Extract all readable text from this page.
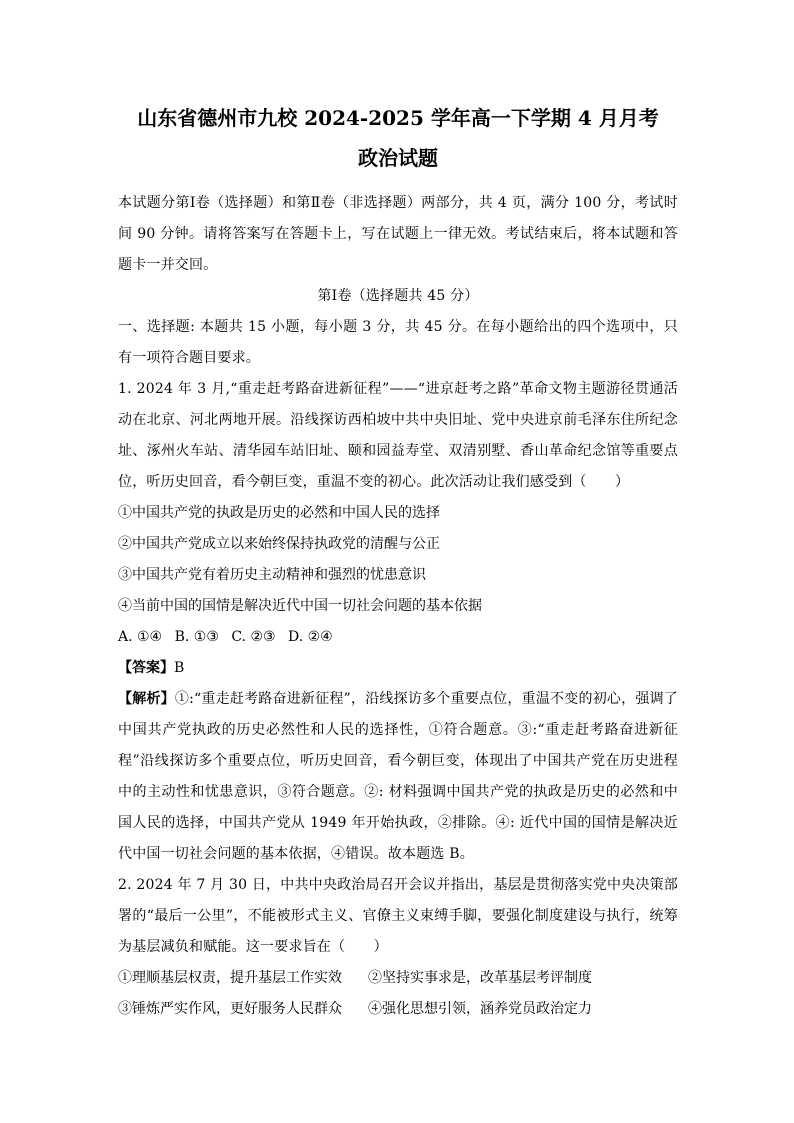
山东省德州市九校 2024-2025 学年高一下学期 4 月月考
政治试题

本试题分第Ⅰ卷（选择题）和第Ⅱ卷（非选择题）两部分，共 4 页，满分 100 分，考试时间 90 分钟。请将答案写在答题卡上，写在试题上一律无效。考试结束后，将本试题和答题卡一并交回。

第Ⅰ卷（选择题共 45 分）

一、选择题: 本题共 15 小题，每小题 3 分，共 45 分。在每小题给出的四个选项中，只有一项符合题目要求。

1. 2024 年 3 月,“重走赶考路奋进新征程”——“进京赶考之路”革命文物主题游径贯通活动在北京、河北两地开展。沿线探访西柏坡中共中央旧址、党中央进京前毛泽东住所纪念址、涿州火车站、清华园车站旧址、颐和园益寿堂、双清别墅、香山革命纪念馆等重要点位，听历史回音，看今朝巨变，重温不变的初心。此次活动让我们感受到（　　）

①中国共产党的执政是历史的必然和中国人民的选择

②中国共产党成立以来始终保持执政党的清醒与公正

③中国共产党有着历史主动精神和强烈的忧患意识

④当前中国的国情是解决近代中国一切社会问题的基本依据

A. ①④ B. ①③ C. ②③ D. ②④

【答案】B

【解析】①:“重走赶考路奋进新征程”，沿线探访多个重要点位，重温不变的初心，强调了中国共产党执政的历史必然性和人民的选择性，①符合题意。③:“重走赶考路奋进新征程”沿线探访多个重要点位，听历史回音，看今朝巨变，体现出了中国共产党在历史进程中的主动性和忧患意识，③符合题意。②: 材料强调中国共产党的执政是历史的必然和中国人民的选择，中国共产党从 1949 年开始执政，②排除。④: 近代中国的国情是解决近代中国一切社会问题的基本依据，④错误。故本题选 B。

2. 2024 年 7 月 30 日，中共中央政治局召开会议并指出，基层是贯彻落实党中央决策部署的“最后一公里”，不能被形式主义、官僚主义束缚手脚，要强化制度建设与执行，统筹为基层减负和赋能。这一要求旨在（　　）

①理顺基层权责，提升基层工作实效	②坚持实事求是，改革基层考评制度
③锤炼严实作风，更好服务人民群众	④强化思想引领，涵养党员政治定力
